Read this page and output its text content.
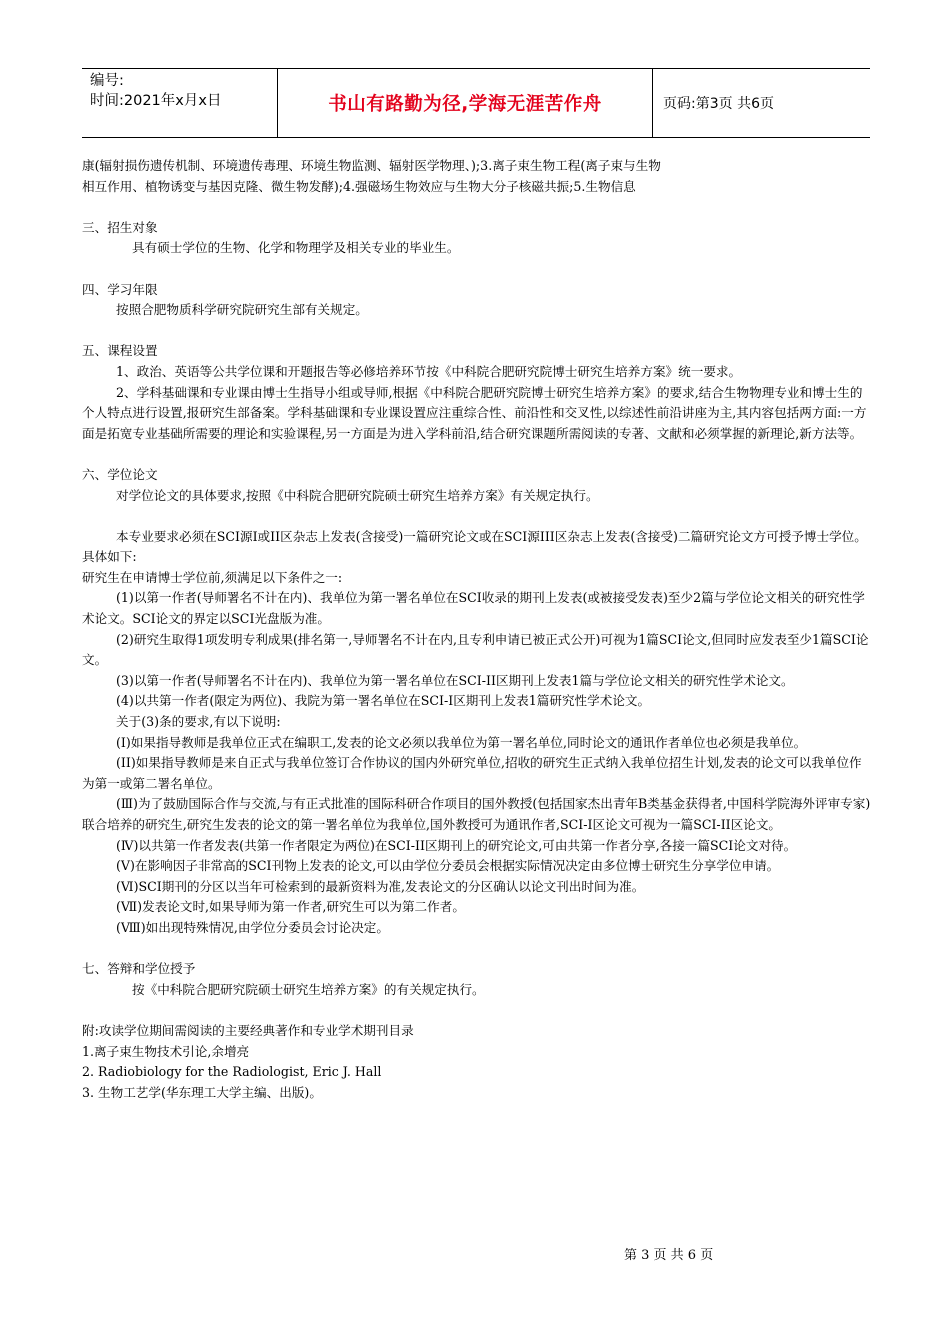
编号:
时间:2021年x月x日	书山有路勤为径,学海无涯苦作舟	页码:第3页 共6页

康(辐射损伤遗传机制、环境遗传毒理、环境生物监测、辐射医学物理、);3.离子束生物工程(离子束与生物

相互作用、植物诱变与基因克隆、微生物发酵);4.强磁场生物效应与生物大分子核磁共振;5.生物信息

三、招生对象

具有硕士学位的生物、化学和物理学及相关专业的毕业生。

四、学习年限

按照合肥物质科学研究院研究生部有关规定。

五、课程设置

1、政治、英语等公共学位课和开题报告等必修培养环节按《中科院合肥研究院博士研究生培养方案》统一要求。

2、学科基础课和专业课由博士生指导小组或导师,根据《中科院合肥研究院博士研究生培养方案》的要求,结合生物物理专业和博士生的个人特点进行设置,报研究生部备案。学科基础课和专业课设置应注重综合性、前沿性和交叉性,以综述性前沿讲座为主,其内容包括两方面:一方面是拓宽专业基础所需要的理论和实验课程,另一方面是为进入学科前沿,结合研究课题所需阅读的专著、文献和必须掌握的新理论,新方法等。

六、学位论文

对学位论文的具体要求,按照《中科院合肥研究院硕士研究生培养方案》有关规定执行。

本专业要求必须在SCI源I或II区杂志上发表(含接受)一篇研究论文或在SCI源III区杂志上发表(含接受)二篇研究论文方可授予博士学位。具体如下:

研究生在申请博士学位前,须满足以下条件之一:

(1)以第一作者(导师署名不计在内)、我单位为第一署名单位在SCI收录的期刊上发表(或被接受发表)至少2篇与学位论文相关的研究性学术论文。SCI论文的界定以SCI光盘版为准。

(2)研究生取得1项发明专利成果(排名第一,导师署名不计在内,且专利申请已被正式公开)可视为1篇SCI论文,但同时应发表至少1篇SCI论文。

(3)以第一作者(导师署名不计在内)、我单位为第一署名单位在SCI-II区期刊上发表1篇与学位论文相关的研究性学术论文。

(4)以共第一作者(限定为两位)、我院为第一署名单位在SCI-I区期刊上发表1篇研究性学术论文。

关于(3)条的要求,有以下说明:

(I)如果指导教师是我单位正式在编职工,发表的论文必须以我单位为第一署名单位,同时论文的通讯作者单位也必须是我单位。

(II)如果指导教师是来自正式与我单位签订合作协议的国内外研究单位,招收的研究生正式纳入我单位招生计划,发表的论文可以我单位作为第一或第二署名单位。

(Ⅲ)为了鼓励国际合作与交流,与有正式批准的国际科研合作项目的国外教授(包括国家杰出青年B类基金获得者,中国科学院海外评审专家)联合培养的研究生,研究生发表的论文的第一署名单位为我单位,国外教授可为通讯作者,SCI-I区论文可视为一篇SCI-II区论文。

(Ⅳ)以共第一作者发表(共第一作者限定为两位)在SCI-II区期刊上的研究论文,可由共第一作者分享,各接一篇SCI论文对待。

(Ⅴ)在影响因子非常高的SCI刊物上发表的论文,可以由学位分委员会根据实际情况决定由多位博士研究生分享学位申请。

(Ⅵ)SCI期刊的分区以当年可检索到的最新资料为准,发表论文的分区确认以论文刊出时间为准。

(Ⅶ)发表论文时,如果导师为第一作者,研究生可以为第二作者。

(Ⅷ)如出现特殊情况,由学位分委员会讨论决定。

七、答辩和学位授予

按《中科院合肥研究院硕士研究生培养方案》的有关规定执行。

附:攻读学位期间需阅读的主要经典著作和专业学术期刊目录

1.离子束生物技术引论,余增亮

2. Radiobiology for the Radiologist, Eric J. Hall

3. 生物工艺学(华东理工大学主编、出版)。

第 3 页 共 6 页
